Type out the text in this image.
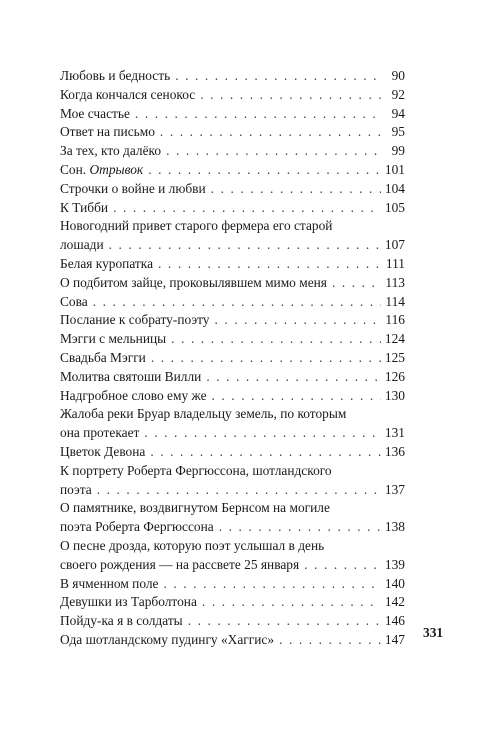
Любовь и бедность . . .	90
Когда кончался сенокос . . .	92
Мое счастье . . .	94
Ответ на письмо . . .	95
За тех, кто далёко . . .	99
Сон. Отрывок . . .	101
Строчки о войне и любви . . .	104
К Тибби . . .	105
Новогодний привет старого фермера его старой
лошади . . .	107
Белая куропатка . . .	111
О подбитом зайце, проковылявшем мимо меня . . .	113
Сова . . .	114
Послание к собрату-поэту . . .	116
Мэгги с мельницы . . .	124
Свадьба Мэгги . . .	125
Молитва святоши Вилли . . .	126
Надгробное слово ему же . . .	130
Жалоба реки Бруар владельцу земель, по которым
она протекает . . .	131
Цветок Девона . . .	136
К портрету Роберта Фергюссона, шотландского
поэта . . .	137
О памятнике, воздвигнутом Бернсом на могиле
поэта Роберта Фергюссона . . .	138
О песне дрозда, которую поэт услышал в день
своего рождения — на рассвете 25 января . . .	139
В ячменном поле . . .	140
Девушки из Тарболтона . . .	142
Пойду-ка я в солдаты . . .	146
Ода шотландскому пудингу «Хаггис» . . .	147 331
